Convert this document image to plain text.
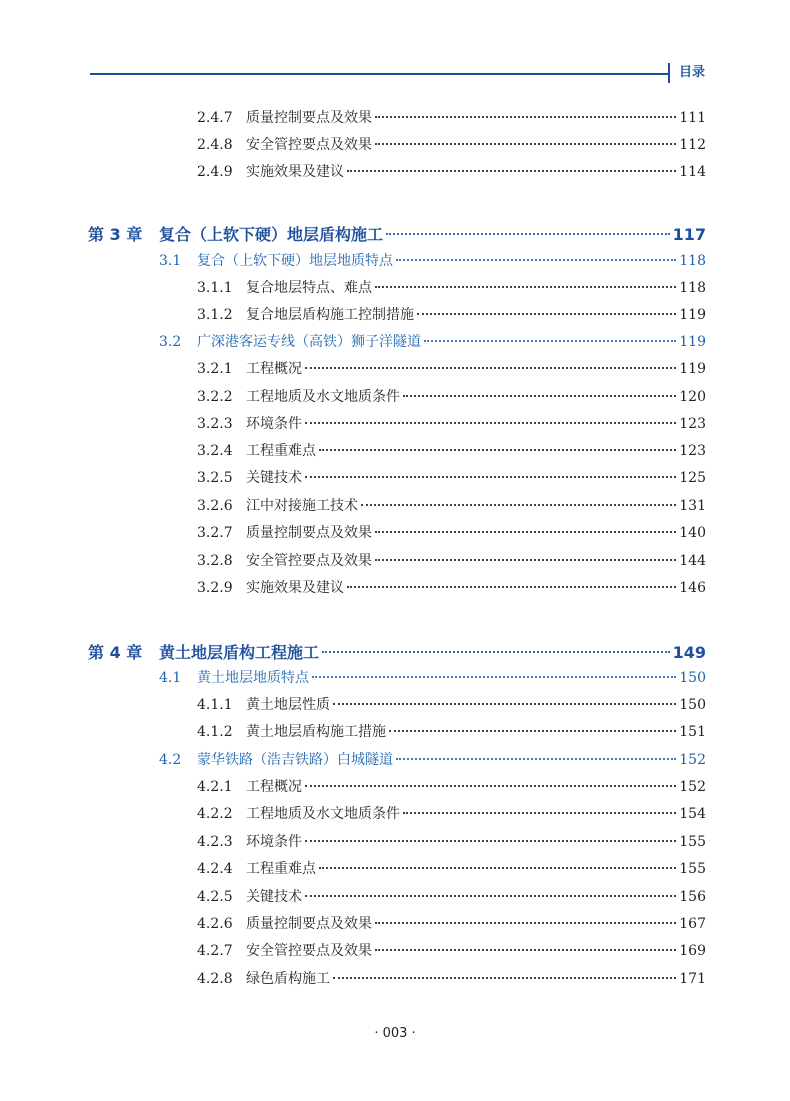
目录
2.4.7 质量控制要点及效果	111
2.4.8 安全管控要点及效果	112
2.4.9 实施效果及建议	114
第 3 章	复合（上软下硬）地层盾构施工	117
3.1	复合（上软下硬）地层地质特点	118
3.1.1 复合地层特点、难点	118
3.1.2 复合地层盾构施工控制措施	119
3.2	广深港客运专线（高铁）狮子洋隧道	119
3.2.1 工程概况	119
3.2.2 工程地质及水文地质条件	120
3.2.3 环境条件	123
3.2.4 工程重难点	123
3.2.5 关键技术	125
3.2.6 江中对接施工技术	131
3.2.7 质量控制要点及效果	140
3.2.8 安全管控要点及效果	144
3.2.9 实施效果及建议	146
第 4 章	黄土地层盾构工程施工	149
4.1	黄土地层地质特点	150
4.1.1 黄土地层性质	150
4.1.2 黄土地层盾构施工措施	151
4.2	蒙华铁路（浩吉铁路）白城隧道	152
4.2.1 工程概况	152
4.2.2 工程地质及水文地质条件	154
4.2.3 环境条件	155
4.2.4 工程重难点	155
4.2.5 关键技术	156
4.2.6 质量控制要点及效果	167
4.2.7 安全管控要点及效果	169
4.2.8 绿色盾构施工	171
· 003 ·
